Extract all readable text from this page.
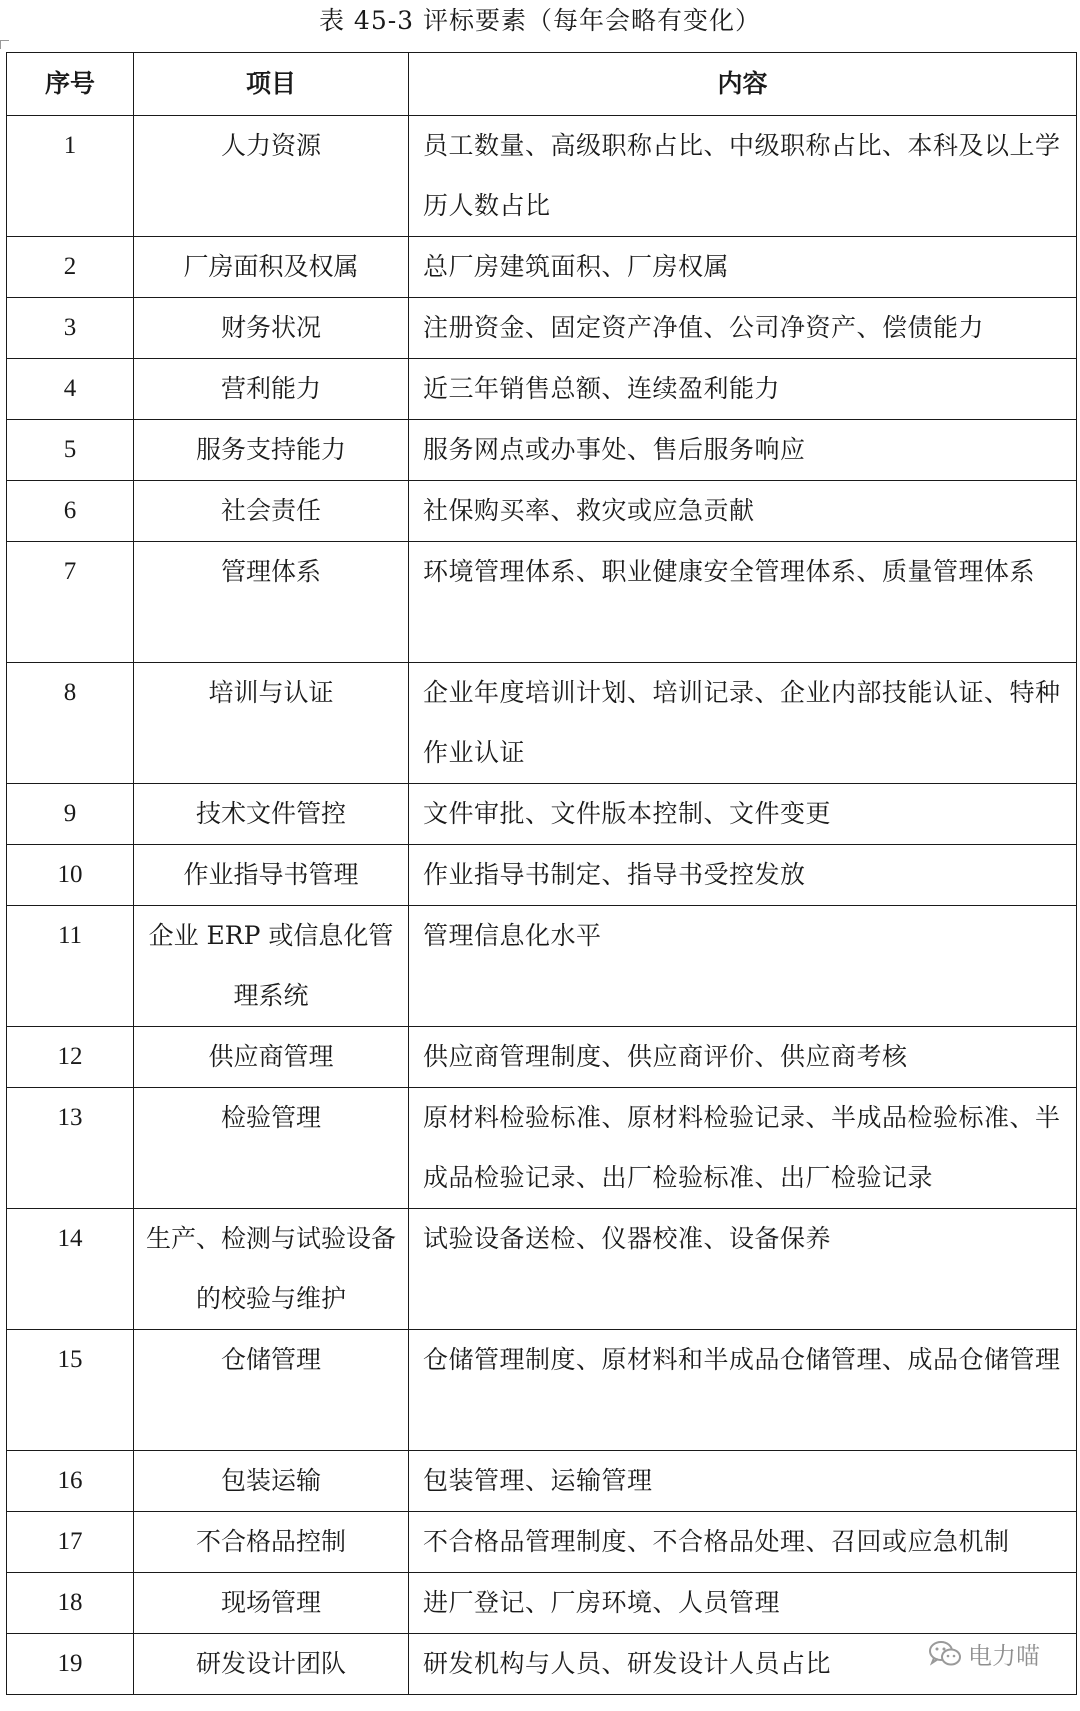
表 45-3 评标要素（每年会略有变化）
序号	项目	内容
1	人力资源	员工数量、高级职称占比、中级职称占比、本科及以上学历人数占比
2	厂房面积及权属	总厂房建筑面积、厂房权属
3	财务状况	注册资金、固定资产净值、公司净资产、偿债能力
4	营利能力	近三年销售总额、连续盈利能力
5	服务支持能力	服务网点或办事处、售后服务响应
6	社会责任	社保购买率、救灾或应急贡献
7	管理体系	环境管理体系、职业健康安全管理体系、质量管理体系
8	培训与认证	企业年度培训计划、培训记录、企业内部技能认证、特种作业认证
9	技术文件管控	文件审批、文件版本控制、文件变更
10	作业指导书管理	作业指导书制定、指导书受控发放
11	企业 ERP 或信息化管理系统	管理信息化水平
12	供应商管理	供应商管理制度、供应商评价、供应商考核
13	检验管理	原材料检验标准、原材料检验记录、半成品检验标准、半成品检验记录、出厂检验标准、出厂检验记录
14	生产、检测与试验设备的校验与维护	试验设备送检、仪器校准、设备保养
15	仓储管理	仓储管理制度、原材料和半成品仓储管理、成品仓储管理
16	包装运输	包装管理、运输管理
17	不合格品控制	不合格品管理制度、不合格品处理、召回或应急机制
18	现场管理	进厂登记、厂房环境、人员管理
19	研发设计团队	研发机构与人员、研发设计人员占比	电力喵
